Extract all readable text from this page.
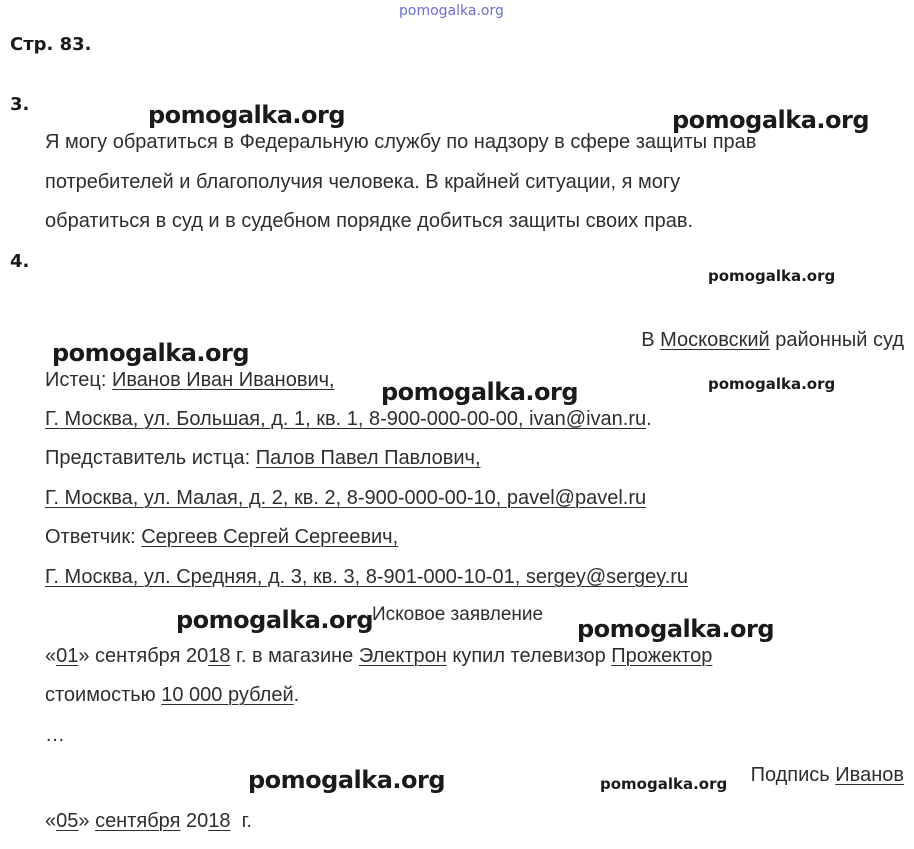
pomogalka.org
pomogalka.org	pomogalka.org
pomogalka.org
pomogalka.org
pomogalka.org	pomogalka.org
pomogalka.org	pomogalka.org
pomogalka.org	pomogalka.org
Стр. 83.
3.
Я могу обратиться в Федеральную службу по надзору в сфере защиты прав
потребителей и благополучия человека. В крайней ситуации, я могу
обратиться в суд и в судебном порядке добиться защиты своих прав.
4.
В Московский районный суд
Истец: Иванов Иван Иванович,
Г. Москва, ул. Большая, д. 1, кв. 1, 8-900-000-00-00, ivan@ivan.ru.
Представитель истца: Палов Павел Павлович,
Г. Москва, ул. Малая, д. 2, кв. 2, 8-900-000-00-10, pavel@pavel.ru
Ответчик: Сергеев Сергей Сергеевич,
Г. Москва, ул. Средняя, д. 3, кв. 3, 8-901-000-10-01, sergey@sergey.ru
Исковое заявление
«01» сентября 2018 г. в магазине Электрон купил телевизор Прожектор
стоимостью 10 000 рублей.
…
Подпись Иванов
«05» сентября 2018  г.
